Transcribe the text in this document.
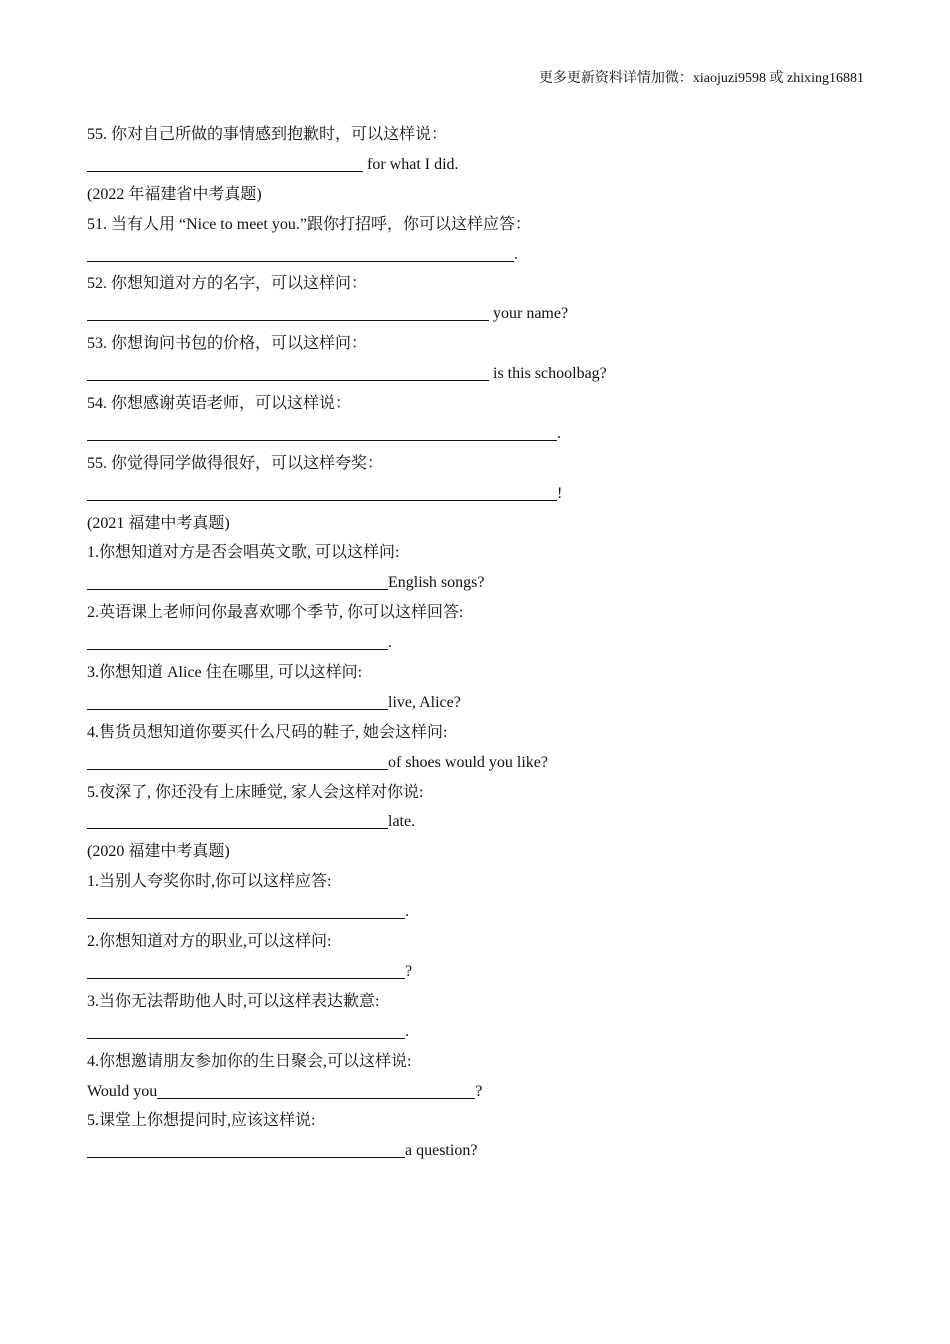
更多更新资料详情加微：xiaojuzi9598 或 zhixing16881
55. 你对自己所做的事情感到抱歉时，可以这样说：
for what I did.
(2022 年福建省中考真题)
51. 当有人用 “Nice to meet you.”跟你打招呼，你可以这样应答：
.
52. 你想知道对方的名字，可以这样问：
your name?
53. 你想询问书包的价格，可以这样问：
is this schoolbag?
54. 你想感谢英语老师，可以这样说：
.
55. 你觉得同学做得很好，可以这样夸奖：
!
(2021 福建中考真题)
1.你想知道对方是否会唱英文歌, 可以这样问:
English songs?
2.英语课上老师问你最喜欢哪个季节, 你可以这样回答:
.
3.你想知道 Alice 住在哪里, 可以这样问:
live, Alice?
4.售货员想知道你要买什么尺码的鞋子, 她会这样问:
of shoes would you like?
5.夜深了, 你还没有上床睡觉, 家人会这样对你说:
late.
(2020 福建中考真题)
1.当别人夸奖你时,你可以这样应答:
.
2.你想知道对方的职业,可以这样问:
?
3.当你无法帮助他人时,可以这样表达歉意:
.
4.你想邀请朋友参加你的生日聚会,可以这样说:
Would you	?
5.课堂上你想提问时,应该这样说:
a question?
